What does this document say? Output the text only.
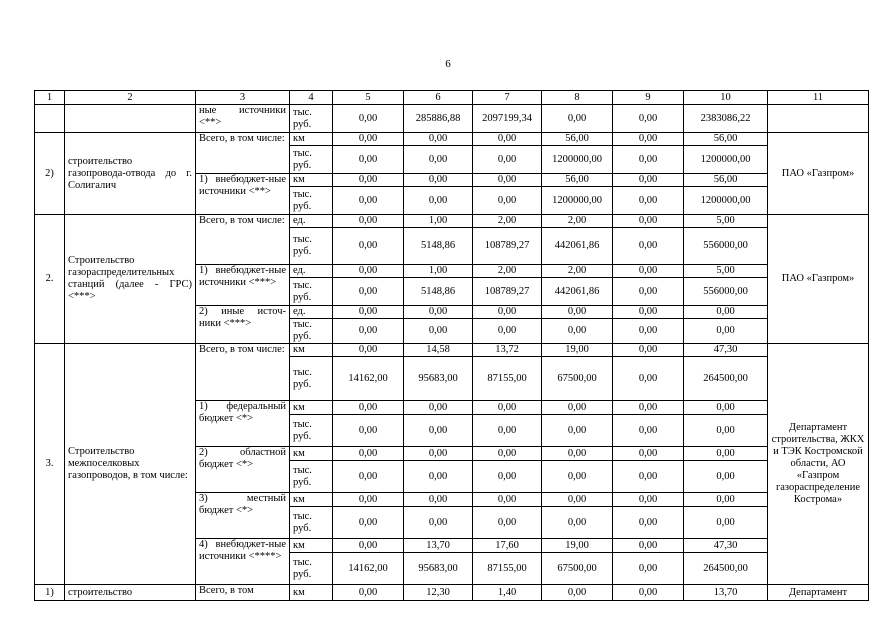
6
1	2	3	4	5	6	7	8	9	10	11
		ные источники <**>	тыс. руб.	0,00	285886,88	2097199,34	0,00	0,00	2383086,22	
2)	строительство газопровода-отвода до г. Солигалич	Всего, в том числе:	км	0,00	0,00	0,00	56,00	0,00	56,00	ПАО «Газпром»
			тыс. руб.	0,00	0,00	0,00	1200000,00	0,00	1200000,00	
		1) внебюджет-ные источники <**>	км	0,00	0,00	0,00	56,00	0,00	56,00	
			тыс. руб.	0,00	0,00	0,00	1200000,00	0,00	1200000,00	
2.	Строительство газораспределительных станций (далее - ГРС) <***>	Всего, в том числе:	ед.	0,00	1,00	2,00	2,00	0,00	5,00	ПАО «Газпром»
			тыс. руб.	0,00	5148,86	108789,27	442061,86	0,00	556000,00	
		1) внебюджет-ные источники <***>	ед.	0,00	1,00	2,00	2,00	0,00	5,00	
			тыс. руб.	0,00	5148,86	108789,27	442061,86	0,00	556000,00	
		2) иные источ-ники <***>	ед.	0,00	0,00	0,00	0,00	0,00	0,00	
			тыс. руб.	0,00	0,00	0,00	0,00	0,00	0,00	
3.	Строительство межпоселковых газопроводов, в том числе:	Всего, в том числе:	км	0,00	14,58	13,72	19,00	0,00	47,30	Департамент строительства, ЖКХ и ТЭК Костромской области, АО «Газпром газораспределение Кострома»
			тыс. руб.	14162,00	95683,00	87155,00	67500,00	0,00	264500,00	
		1) федеральный бюджет <*>	км	0,00	0,00	0,00	0,00	0,00	0,00	
			тыс. руб.	0,00	0,00	0,00	0,00	0,00	0,00	
		2) областной бюджет <*>	км	0,00	0,00	0,00	0,00	0,00	0,00	
			тыс. руб.	0,00	0,00	0,00	0,00	0,00	0,00	
		3) местный бюджет <*>	км	0,00	0,00	0,00	0,00	0,00	0,00	
			тыс. руб.	0,00	0,00	0,00	0,00	0,00	0,00	
		4) внебюджет-ные источники <****>	км	0,00	13,70	17,60	19,00	0,00	47,30	
			тыс. руб.	14162,00	95683,00	87155,00	67500,00	0,00	264500,00	
1)	строительство	Всего, в том	км	0,00	12,30	1,40	0,00	0,00	13,70	Департамент
